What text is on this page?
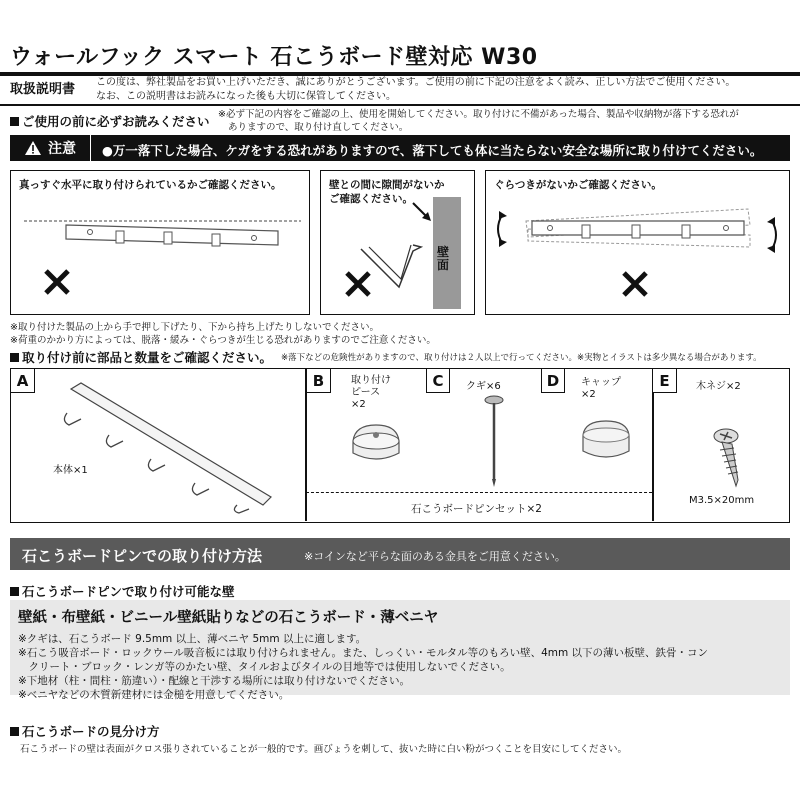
ウォールフック スマート 石こうボード壁対応 W30
取扱説明書 この度は、弊社製品をお買い上げいただき、誠にありがとうございます。ご使用の前に下記の注意をよく読み、正しい方法でご使用ください。
なお、この説明書はお読みになった後も大切に保管してください。
ご使用の前に必ずお読みください ※必ず下記の内容をご確認の上、使用を開始してください。取り付けに不備があった場合、製品や収納物が落下する恐れが
ありますので、取り付け直してください。
注意 ●万一落下した場合、ケガをする恐れがありますので、落下しても体に当たらない安全な場所に取り付けてください。
真っすぐ水平に取り付けられているかご確認ください。	壁との間に隙間がないか
ご確認ください。
壁面
ぐらつきがないかご確認ください。
※取り付けた製品の上から手で押し下げたり、下から持ち上げたりしないでください。
※荷重のかかり方によっては、脱落・緩み・ぐらつきが生じる恐れがありますのでご注意ください。
取り付け前に部品と数量をご確認ください。 ※落下などの危険性がありますので、取り付けは２人以上で行ってください。※実物とイラストは多少異なる場合があります。
A
本体×1
B	取り付け
ピース
×2
C	クギ×6	D	キャップ
×2
E	木ネジ×2
M3.5×20mm
石こうボードピンセット×2
石こうボードピンでの取り付け方法	※コインなど平らな面のある金具をご用意ください。
石こうボードピンで取り付け可能な壁
壁紙・布壁紙・ビニール壁紙貼りなどの石こうボード・薄ベニヤ
※クギは、石こうボード 9.5mm 以上、薄ベニヤ 5mm 以上に適します。
※石こう吸音ボード・ロックウール吸音板には取り付けられません。また、しっくい・モルタル等のもろい壁、4mm 以下の薄い板壁、鉄骨・コン
　クリート・ブロック・レンガ等のかたい壁、タイルおよびタイルの目地等では使用しないでください。
※下地材（柱・間柱・筋違い）・配線と干渉する場所には取り付けないでください。
※ベニヤなどの木質新建材には金槌を用意してください。
石こうボードの見分け方
石こうボードの壁は表面がクロス張りされていることが一般的です。画びょうを刺して、抜いた時に白い粉がつくことを目安にしてください。
